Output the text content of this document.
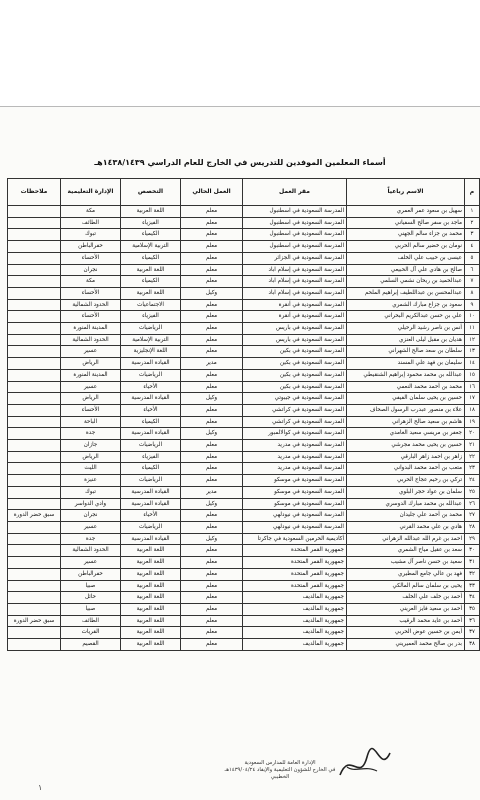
أسماء المعلمين الموفدين للتدريس في الخارج للعام الدراسي ١٤٣٨/١٤٣٩هـ
م	الاسم رباعياً	مقر العمل	العمل الحالي	التخصص	الإدارة التعليمية	ملاحظات
١	سهيل بن سعود عمر العمري	المدرسة السعودية في اسطنبول	معلم	اللغة العربية	مكة	
٢	ماجد بن سفر صالح السفياني	المدرسة السعودية في اسطنبول	معلم	الفيزياء	الطائف	
٣	محمد بن جزاء سالم الجهني	المدرسة السعودية في اسطنبول	معلم	الكيمياء	تبوك	
٤	نومان بن خضير سالم الحربي	المدرسة السعودية في اسطنبول	معلم	التربية الإسلامية	حفرالباطن	
٥	عيسى بن حبيب علي الخلف	المدرسة السعودية في الجزائر	معلم	الكيمياء	الأحساء	
٦	صالح بن هادي علي آل الحبيعي	المدرسة السعودية في إسلام اباد	معلم	اللغة العربية	نجران	
٧	عبدالحميد بن ريحان نشمي السلمي	المدرسة السعودية في إسلام اباد	معلم	الكيمياء	مكة	
٨	عبدالمحسن بن عبداللطيف إبراهيم الملحم	المدرسة السعودية في إسلام اباد	وكيل	اللغة العربية	الأحساء	
٩	سعود بن جزاع مبارك الشمري	المدرسة السعودية في أنقرة	معلم	الاجتماعيات	الحدود الشمالية	
١٠	علي بن حسن عبدالكريم البحراني	المدرسة السعودية في أنقرة	معلم	الفيزياء	الأحساء	
١١	أنس بن ناصر رشيد الرحيلي	المدرسة السعودية في باريس	معلم	الرياضيات	المدينة المنورة	
١٢	هديان بن مقبل ليلى العنزي	المدرسة السعودية في باريس	معلم	التربية الإسلامية	الحدود الشمالية	
١٣	سلطان بن سعد صالح الشهراني	المدرسة السعودية في بكين	معلم	اللغة الإنجليزية	عسير	
١٤	سليمان بن فهد علي المسند	المدرسة السعودية في بكين	مدير	القيادة المدرسية	الرياض	
١٥	عبدالله بن محمد محمود إبراهيم الشنقيطي	المدرسة السعودية في بكين	معلم	الرياضيات	المدينة المنورة	
١٦	محمد بن أحمد محمد النعمي	المدرسة السعودية في بكين	معلم	الأحياء	عسير	
١٧	حسين بن يحيى سلمان الفيفي	المدرسة السعودية في جيبوتي	وكيل	القيادة المدرسية	الرياض	
١٨	علاء بن منصور عبدرب الرسول الصحاف	المدرسة السعودية في كراتشي	معلم	الأحياء	الأحساء	
١٩	هاشم بن سعيد صالح الزهراني	المدرسة السعودية في كراتشي	معلم	الكيمياء	الباحة	
٢٠	جعفر بن مريسي سعيد الغامدي	المدرسة السعودية في كوالالمبور	وكيل	القيادة المدرسية	جدة	
٢١	حسين بن يحيى محمد مجرشي	المدرسة السعودية في مدريد	معلم	الرياضيات	جازان	
٢٢	زاهر بن احمد زاهر البارقي	المدرسة السعودية في مدريد	معلم	الفيزياء	الرياض	
٢٣	متعب بن أحمد محمد البدواني	المدرسة السعودية في مدريد	معلم	الكيمياء	الليث	
٢٤	تركي بن رحيم عجاج الحربي	المدرسة السعودية في موسكو	معلم	الرياضيات	عنيزة	
٢٥	سلمان بن عواد حجر البلوي	المدرسة السعودية في موسكو	مدير	القيادة المدرسية	تبوك	
٢٦	عبدالله بن محمد مبارك الدوسري	المدرسة السعودية في موسكو	وكيل	القيادة المدرسية	وادي الدواسر	
٢٧	محمد بن أحمد علي جليدان	المدرسة السعودية في نيودلهي	معلم	الأحياء	نجران	سبق حضر الدورة
٢٨	هادي بن علي محمد القرني	المدرسة السعودية في نيودلهي	معلم	الرياضيات	عسير	
٢٩	احمد بن غرم الله عبدالله الزهراني	أكاديمية الحرمين السعودية في جاكرتا	وكيل	القيادة المدرسية	جدة	
٣٠	سعد بن عقيل مياح الشمري	جمهورية القمر المتحدة	معلم	اللغة العربية	الحدود الشمالية	
٣١	سعيد بن حسن ناصر آل مشيب	جمهورية القمر المتحدة	معلم	اللغة العربية	عسير	
٣٢	فهد بن عالي جامع المطيري	جمهورية القمر المتحدة	معلم	اللغة العربية	حفرالباطن	
٣٣	يحيى بن سلمان سالم المالكي	جمهورية القمر المتحدة	معلم	اللغة العربية	صبيا	
٣٤	أحمد بن خلف علي الخلف	جمهورية المالديف	معلم	اللغة العربية	حائل	
٣٥	أحمد بن سعيد فايز العريني	جمهورية المالديف	معلم	اللغة العربية	صبيا	
٣٦	أحمد بن عايد محمد الرقيب	جمهورية المالديف	معلم	اللغة العربية	الطائف	سبق حضر الدورة
٣٧	أيمن بن حسين عوض الحربي	جمهورية المالديف	معلم	اللغة العربية	القريات	
٣٨	بدر بن صالح محمد العميريني	جمهورية المالديف	معلم	اللغة العربية	القصيم	
الإدارة العامة للمدارس السعودية
في الخارج للشؤون التعليمية والإيفاد ١٤٣٩/٠٤/٢٤هـ
الخطيبي
١
